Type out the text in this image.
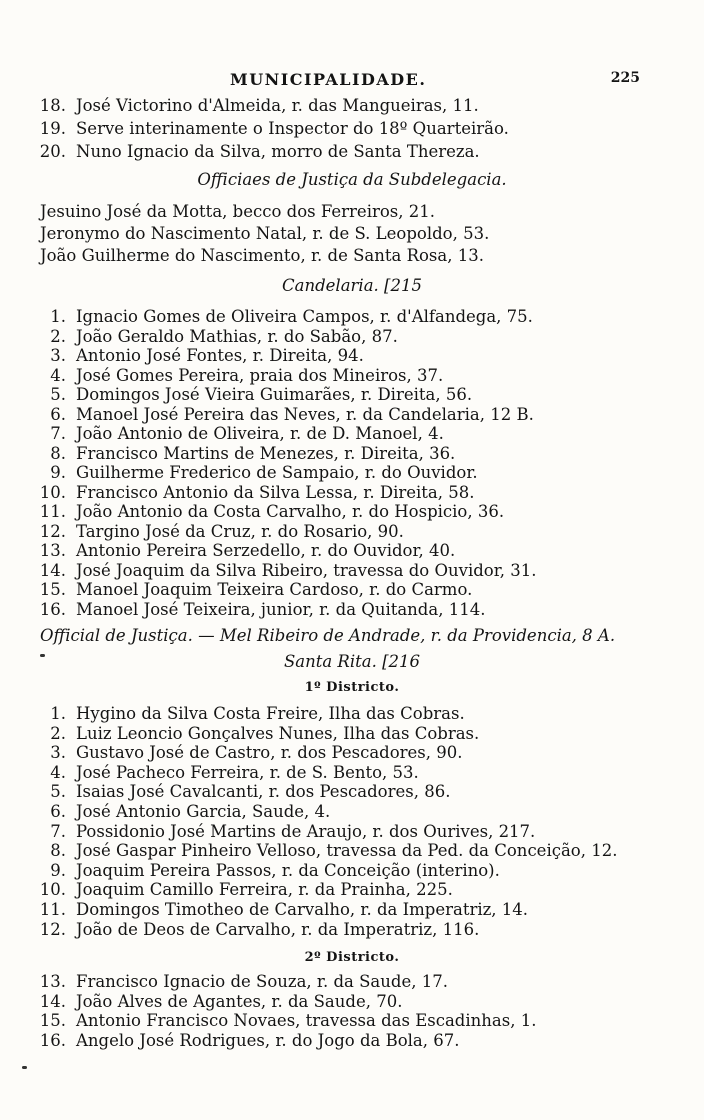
MUNICIPALIDADE.	225
18. José Victorino d'Almeida, r. das Mangueiras, 11.
19. Serve interinamente o Inspector do 18º Quarteirão.
20. Nuno Ignacio da Silva, morro de Santa Thereza.
Officiaes de Justiça da Subdelegacia.
Jesuino José da Motta, becco dos Ferreiros, 21.
Jeronymo do Nascimento Natal, r. de S. Leopoldo, 53.
João Guilherme do Nascimento, r. de Santa Rosa, 13.
Candelaria. [215
1. Ignacio Gomes de Oliveira Campos, r. d'Alfandega, 75.
2. João Geraldo Mathias, r. do Sabão, 87.
3. Antonio José Fontes, r. Direita, 94.
4. José Gomes Pereira, praia dos Mineiros, 37.
5. Domingos José Vieira Guimarães, r. Direita, 56.
6. Manoel José Pereira das Neves, r. da Candelaria, 12 B.
7. João Antonio de Oliveira, r. de D. Manoel, 4.
8. Francisco Martins de Menezes, r. Direita, 36.
9. Guilherme Frederico de Sampaio, r. do Ouvidor.
10. Francisco Antonio da Silva Lessa, r. Direita, 58.
11. João Antonio da Costa Carvalho, r. do Hospicio, 36.
12. Targino José da Cruz, r. do Rosario, 90.
13. Antonio Pereira Serzedello, r. do Ouvidor, 40.
14. José Joaquim da Silva Ribeiro, travessa do Ouvidor, 31.
15. Manoel Joaquim Teixeira Cardoso, r. do Carmo.
16. Manoel José Teixeira, junior, r. da Quitanda, 114.
Official de Justiça. — Mel Ribeiro de Andrade, r. da Providencia, 8 A.
Santa Rita. [216
1º Districto.
1. Hygino da Silva Costa Freire, Ilha das Cobras.
2. Luiz Leoncio Gonçalves Nunes, Ilha das Cobras.
3. Gustavo José de Castro, r. dos Pescadores, 90.
4. José Pacheco Ferreira, r. de S. Bento, 53.
5. Isaias José Cavalcanti, r. dos Pescadores, 86.
6. José Antonio Garcia, Saude, 4.
7. Possidonio José Martins de Araujo, r. dos Ourives, 217.
8. José Gaspar Pinheiro Velloso, travessa da Ped. da Conceição, 12.
9. Joaquim Pereira Passos, r. da Conceição (interino).
10. Joaquim Camillo Ferreira, r. da Prainha, 225.
11. Domingos Timotheo de Carvalho, r. da Imperatriz, 14.
12. João de Deos de Carvalho, r. da Imperatriz, 116.
2º Districto.
13. Francisco Ignacio de Souza, r. da Saude, 17.
14. João Alves de Agantes, r. da Saude, 70.
15. Antonio Francisco Novaes, travessa das Escadinhas, 1.
16. Angelo José Rodrigues, r. do Jogo da Bola, 67.
